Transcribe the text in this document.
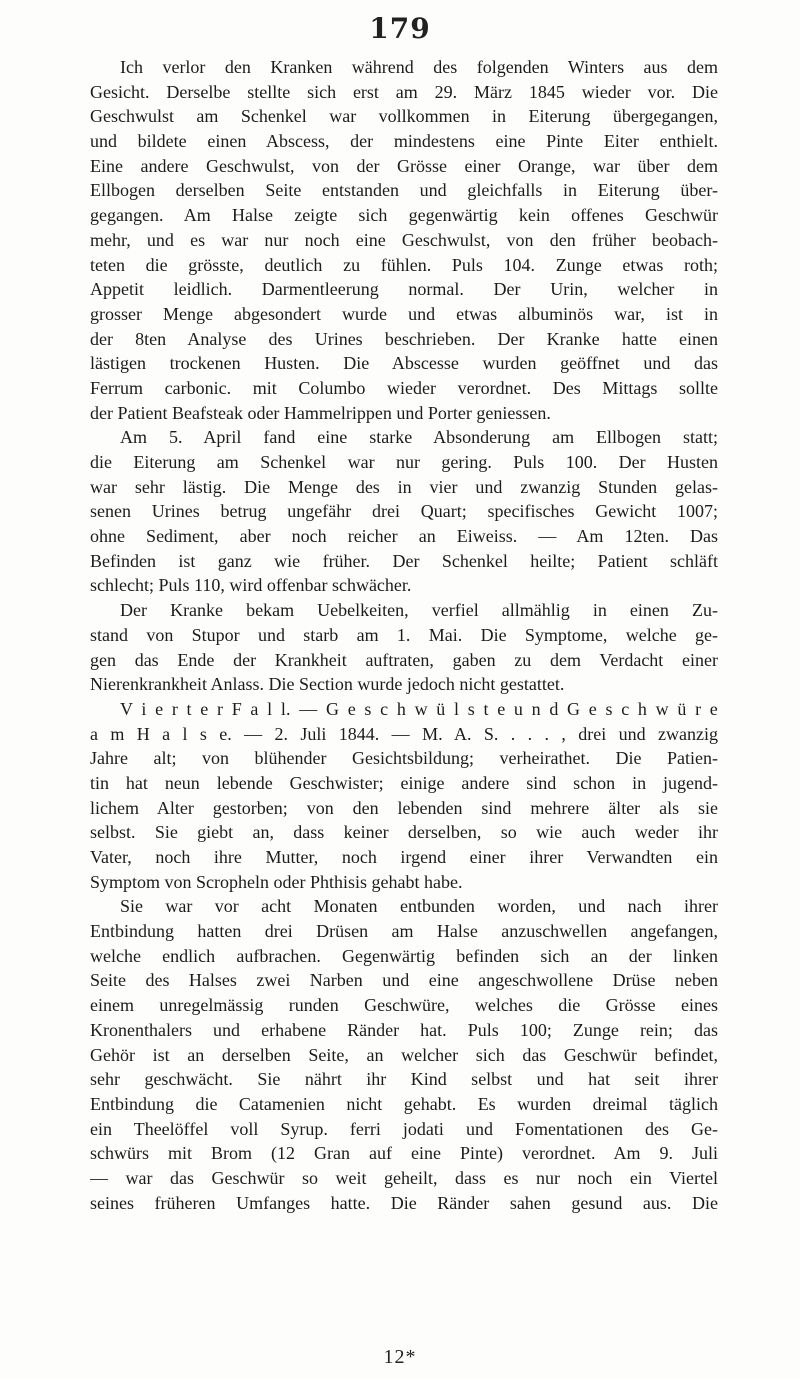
179
Ich verlor den Kranken während des folgenden Winters aus dem
Gesicht. Derselbe stellte sich erst am 29. März 1845 wieder vor. Die
Geschwulst am Schenkel war vollkommen in Eiterung übergegangen,
und bildete einen Abscess, der mindestens eine Pinte Eiter enthielt.
Eine andere Geschwulst, von der Grösse einer Orange, war über dem
Ellbogen derselben Seite entstanden und gleichfalls in Eiterung über-
gegangen. Am Halse zeigte sich gegenwärtig kein offenes Geschwür
mehr, und es war nur noch eine Geschwulst, von den früher beobach-
teten die grösste, deutlich zu fühlen. Puls 104. Zunge etwas roth;
Appetit leidlich. Darmentleerung normal. Der Urin, welcher in
grosser Menge abgesondert wurde und etwas albuminös war, ist in
der 8ten Analyse des Urines beschrieben. Der Kranke hatte einen
lästigen trockenen Husten. Die Abscesse wurden geöffnet und das
Ferrum carbonic. mit Columbo wieder verordnet. Des Mittags sollte
der Patient Beafsteak oder Hammelrippen und Porter geniessen.
Am 5. April fand eine starke Absonderung am Ellbogen statt;
die Eiterung am Schenkel war nur gering. Puls 100. Der Husten
war sehr lästig. Die Menge des in vier und zwanzig Stunden gelas-
senen Urines betrug ungefähr drei Quart; specifisches Gewicht 1007;
ohne Sediment, aber noch reicher an Eiweiss. — Am 12ten. Das
Befinden ist ganz wie früher. Der Schenkel heilte; Patient schläft
schlecht; Puls 110, wird offenbar schwächer.
Der Kranke bekam Uebelkeiten, verfiel allmählig in einen Zu-
stand von Stupor und starb am 1. Mai. Die Symptome, welche ge-
gen das Ende der Krankheit auftraten, gaben zu dem Verdacht einer
Nierenkrankheit Anlass. Die Section wurde jedoch nicht gestattet.
V i e r t e r F a l l. — G e s c h w ü l s t e u n d G e s c h w ü r e
a m H a l s e. — 2. Juli 1844. — M. A. S. . . . , drei und zwanzig
Jahre alt; von blühender Gesichtsbildung; verheirathet. Die Patien-
tin hat neun lebende Geschwister; einige andere sind schon in jugend-
lichem Alter gestorben; von den lebenden sind mehrere älter als sie
selbst. Sie giebt an, dass keiner derselben, so wie auch weder ihr
Vater, noch ihre Mutter, noch irgend einer ihrer Verwandten ein
Symptom von Scropheln oder Phthisis gehabt habe.
Sie war vor acht Monaten entbunden worden, und nach ihrer
Entbindung hatten drei Drüsen am Halse anzuschwellen angefangen,
welche endlich aufbrachen. Gegenwärtig befinden sich an der linken
Seite des Halses zwei Narben und eine angeschwollene Drüse neben
einem unregelmässig runden Geschwüre, welches die Grösse eines
Kronenthalers und erhabene Ränder hat. Puls 100; Zunge rein; das
Gehör ist an derselben Seite, an welcher sich das Geschwür befindet,
sehr geschwächt. Sie nährt ihr Kind selbst und hat seit ihrer
Entbindung die Catamenien nicht gehabt. Es wurden dreimal täglich
ein Theelöffel voll Syrup. ferri jodati und Fomentationen des Ge-
schwürs mit Brom (12 Gran auf eine Pinte) verordnet. Am 9. Juli
— war das Geschwür so weit geheilt, dass es nur noch ein Viertel
seines früheren Umfanges hatte. Die Ränder sahen gesund aus. Die
12*
